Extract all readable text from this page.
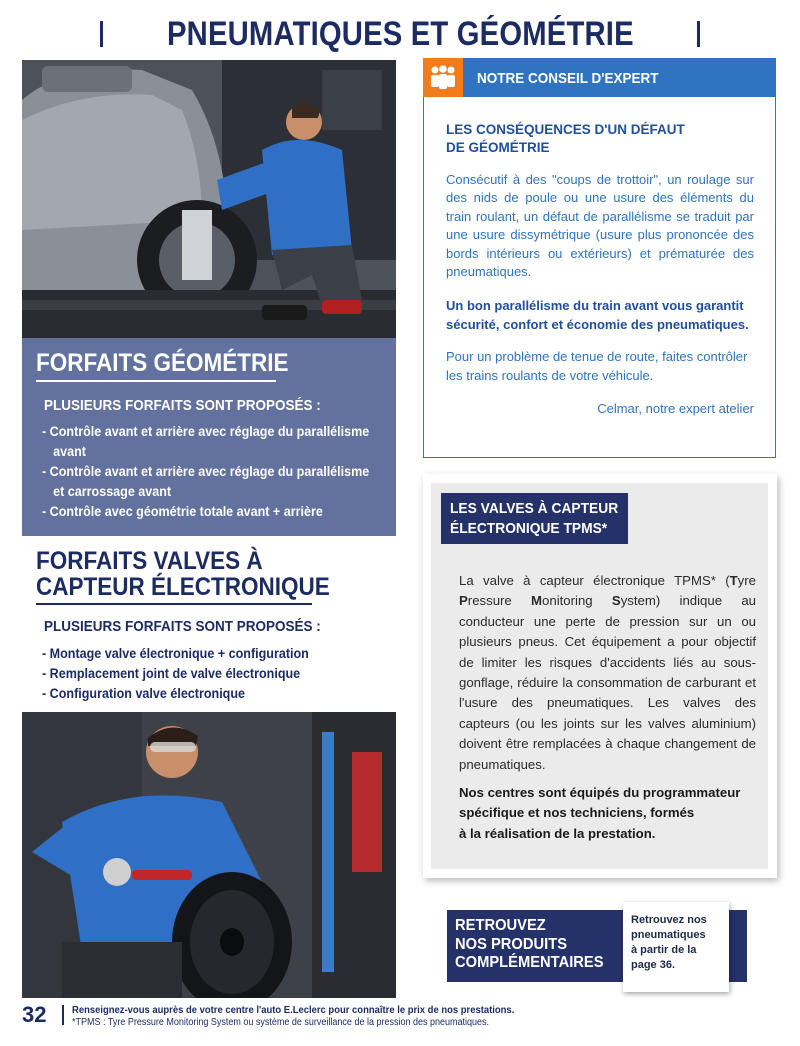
PNEUMATIQUES ET GÉOMÉTRIE
FORFAITS GÉOMÉTRIE
PLUSIEURS FORFAITS SONT PROPOSÉS :
- Contrôle avant et arrière avec réglage du parallélisme avant
- Contrôle avant et arrière avec réglage du parallélisme et carrossage avant
- Contrôle avec géométrie totale avant + arrière
FORFAITS VALVES À
CAPTEUR ÉLECTRONIQUE
PLUSIEURS FORFAITS SONT PROPOSÉS :
- Montage valve électronique + configuration
- Remplacement joint de valve électronique
- Configuration valve électronique
NOTRE CONSEIL D'EXPERT
LES CONSÉQUENCES D'UN DÉFAUT
DE GÉOMÉTRIE

Consécutif à des "coups de trottoir", un roulage sur des nids de poule ou une usure des éléments du train roulant, un défaut de parallélisme se traduit par une usure dissymétrique (usure plus prononcée des bords intérieurs ou extérieurs) et prématurée des pneumatiques.

Un bon parallélisme du train avant vous garantit sécurité, confort et économie des pneumatiques.

Pour un problème de tenue de route, faites contrôler les trains roulants de votre véhicule.

Celmar, notre expert atelier

LES VALVES À CAPTEUR
ÉLECTRONIQUE TPMS*

La valve à capteur électronique TPMS* (Tyre Pressure Monitoring System) indique au conducteur une perte de pression sur un ou plusieurs pneus. Cet équipement a pour objectif de limiter les risques d'accidents liés au sous-gonflage, réduire la consommation de carburant et l'usure des pneumatiques. Les valves des capteurs (ou les joints sur les valves aluminium) doivent être remplacées à chaque changement de pneumatiques.

Nos centres sont équipés du programmateur
spécifique et nos techniciens, formés
à la réalisation de la prestation.
RETROUVEZ
NOS PRODUITS
COMPLÉMENTAIRES
Retrouvez nos
pneumatiques
à partir de la
page 36.
32 Renseignez-vous auprès de votre centre l'auto E.Leclerc pour connaître le prix de nos prestations.
*TPMS : Tyre Pressure Monitoring System ou système de surveillance de la pression des pneumatiques.
